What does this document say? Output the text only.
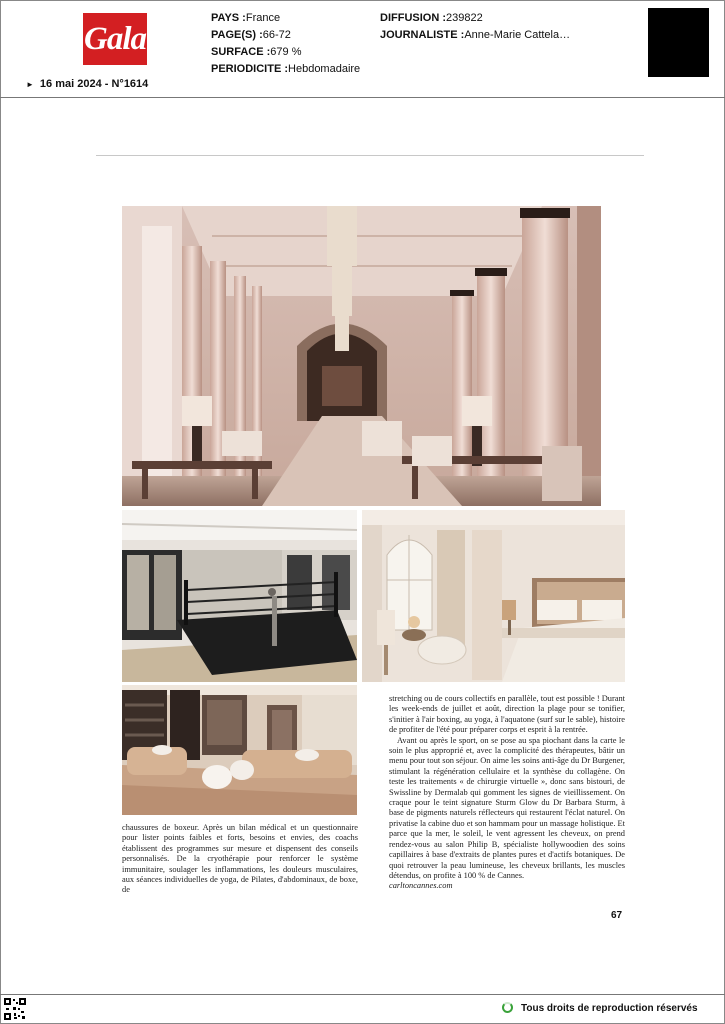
Gala
► 16 mai 2024 - N°1614
PAYS :France
PAGE(S) :66-72
SURFACE :679 %
PERIODICITE :Hebdomadaire
DIFFUSION :239822
JOURNALISTE :Anne-Marie Cattela…

chaussures de boxeur. Après un bilan médical et un questionnaire pour lister points faibles et forts, besoins et envies, des coachs établissent des programmes sur mesure et dispensent des conseils personnalisés. De la cryothérapie pour renforcer le système immunitaire, soulager les inflammations, les douleurs musculaires, aux séances individuelles de yoga, de Pilates, d'abdominaux, de boxe, de

stretching ou de cours collectifs en parallèle, tout est possible ! Durant les week-ends de juillet et août, direction la plage pour se tonifier, s'initier à l'air boxing, au yoga, à l'aquatone (surf sur le sable), histoire de profiter de l'été pour préparer corps et esprit à la rentrée.

Avant ou après le sport, on se pose au spa piochant dans la carte le soin le plus approprié et, avec la complicité des thérapeutes, bâtir un menu pour tout son séjour. On aime les soins anti-âge du Dr Burgener, stimulant la régénération cellulaire et la synthèse du collagène. On teste les traitements « de chirurgie virtuelle », donc sans bistouri, de Swissline by Dermalab qui gomment les signes de vieillissement. On craque pour le teint signature Sturm Glow du Dr Barbara Sturm, à base de pigments naturels réflecteurs qui restaurent l'éclat naturel. On privatise la cabine duo et son hammam pour un massage holistique. Et parce que la mer, le soleil, le vent agressent les cheveux, on prend rendez-vous au salon Philip B, spécialiste hollywoodien des soins capillaires à base d'extraits de plantes pures et d'actifs botaniques. De quoi retrouver la peau lumineuse, les cheveux brillants, les muscles détendus, on profite à 100 % de Cannes.

carltoncannes.com

67
Tous droits de reproduction réservés
